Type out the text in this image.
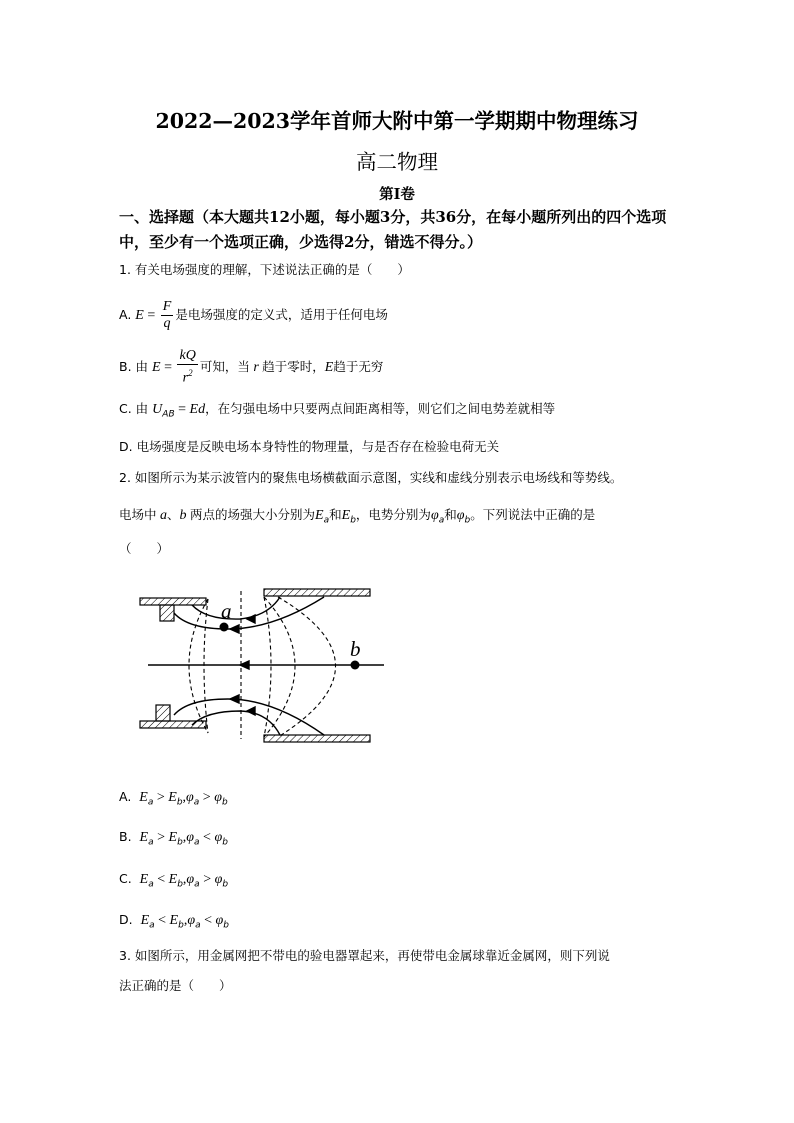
2022—2023学年首师大附中第一学期期中物理练习
高二物理
第Ⅰ卷
一、选择题（本大题共12小题，每小题3分，共36分，在每小题所列出的四个选项中，至少有一个选项正确，少选得2分，错选不得分。）
1. 有关电场强度的理解，下述说法正确的是（　　）
A. $E = \frac{F}{q}$ 是电场强度的定义式，适用于任何电场
B. 由 $E = \frac{kQ}{r^2}$ 可知，当 r 趋于零时，E趋于无穷
C. 由 $U_{AB} = Ed$，在匀强电场中只要两点间距离相等，则它们之间电势差就相等
D. 电场强度是反映电场本身特性的物理量，与是否存在检验电荷无关
2. 如图所示为某示波管内的聚焦电场横截面示意图，实线和虚线分别表示电场线和等势线。
电场中 a、b 两点的场强大小分别为$E_a$和$E_b$，电势分别为$\varphi_a$和$\varphi_b$。下列说法中正确的是
（　　）
a
b
A. $E_a > E_b,\varphi_a > \varphi_b$
B. $E_a > E_b,\varphi_a < \varphi_b$
C. $E_a < E_b,\varphi_a > \varphi_b$
D. $E_a < E_b,\varphi_a < \varphi_b$
3. 如图所示，用金属网把不带电的验电器罩起来，再使带电金属球靠近金属网，则下列说
法正确的是（　　）
